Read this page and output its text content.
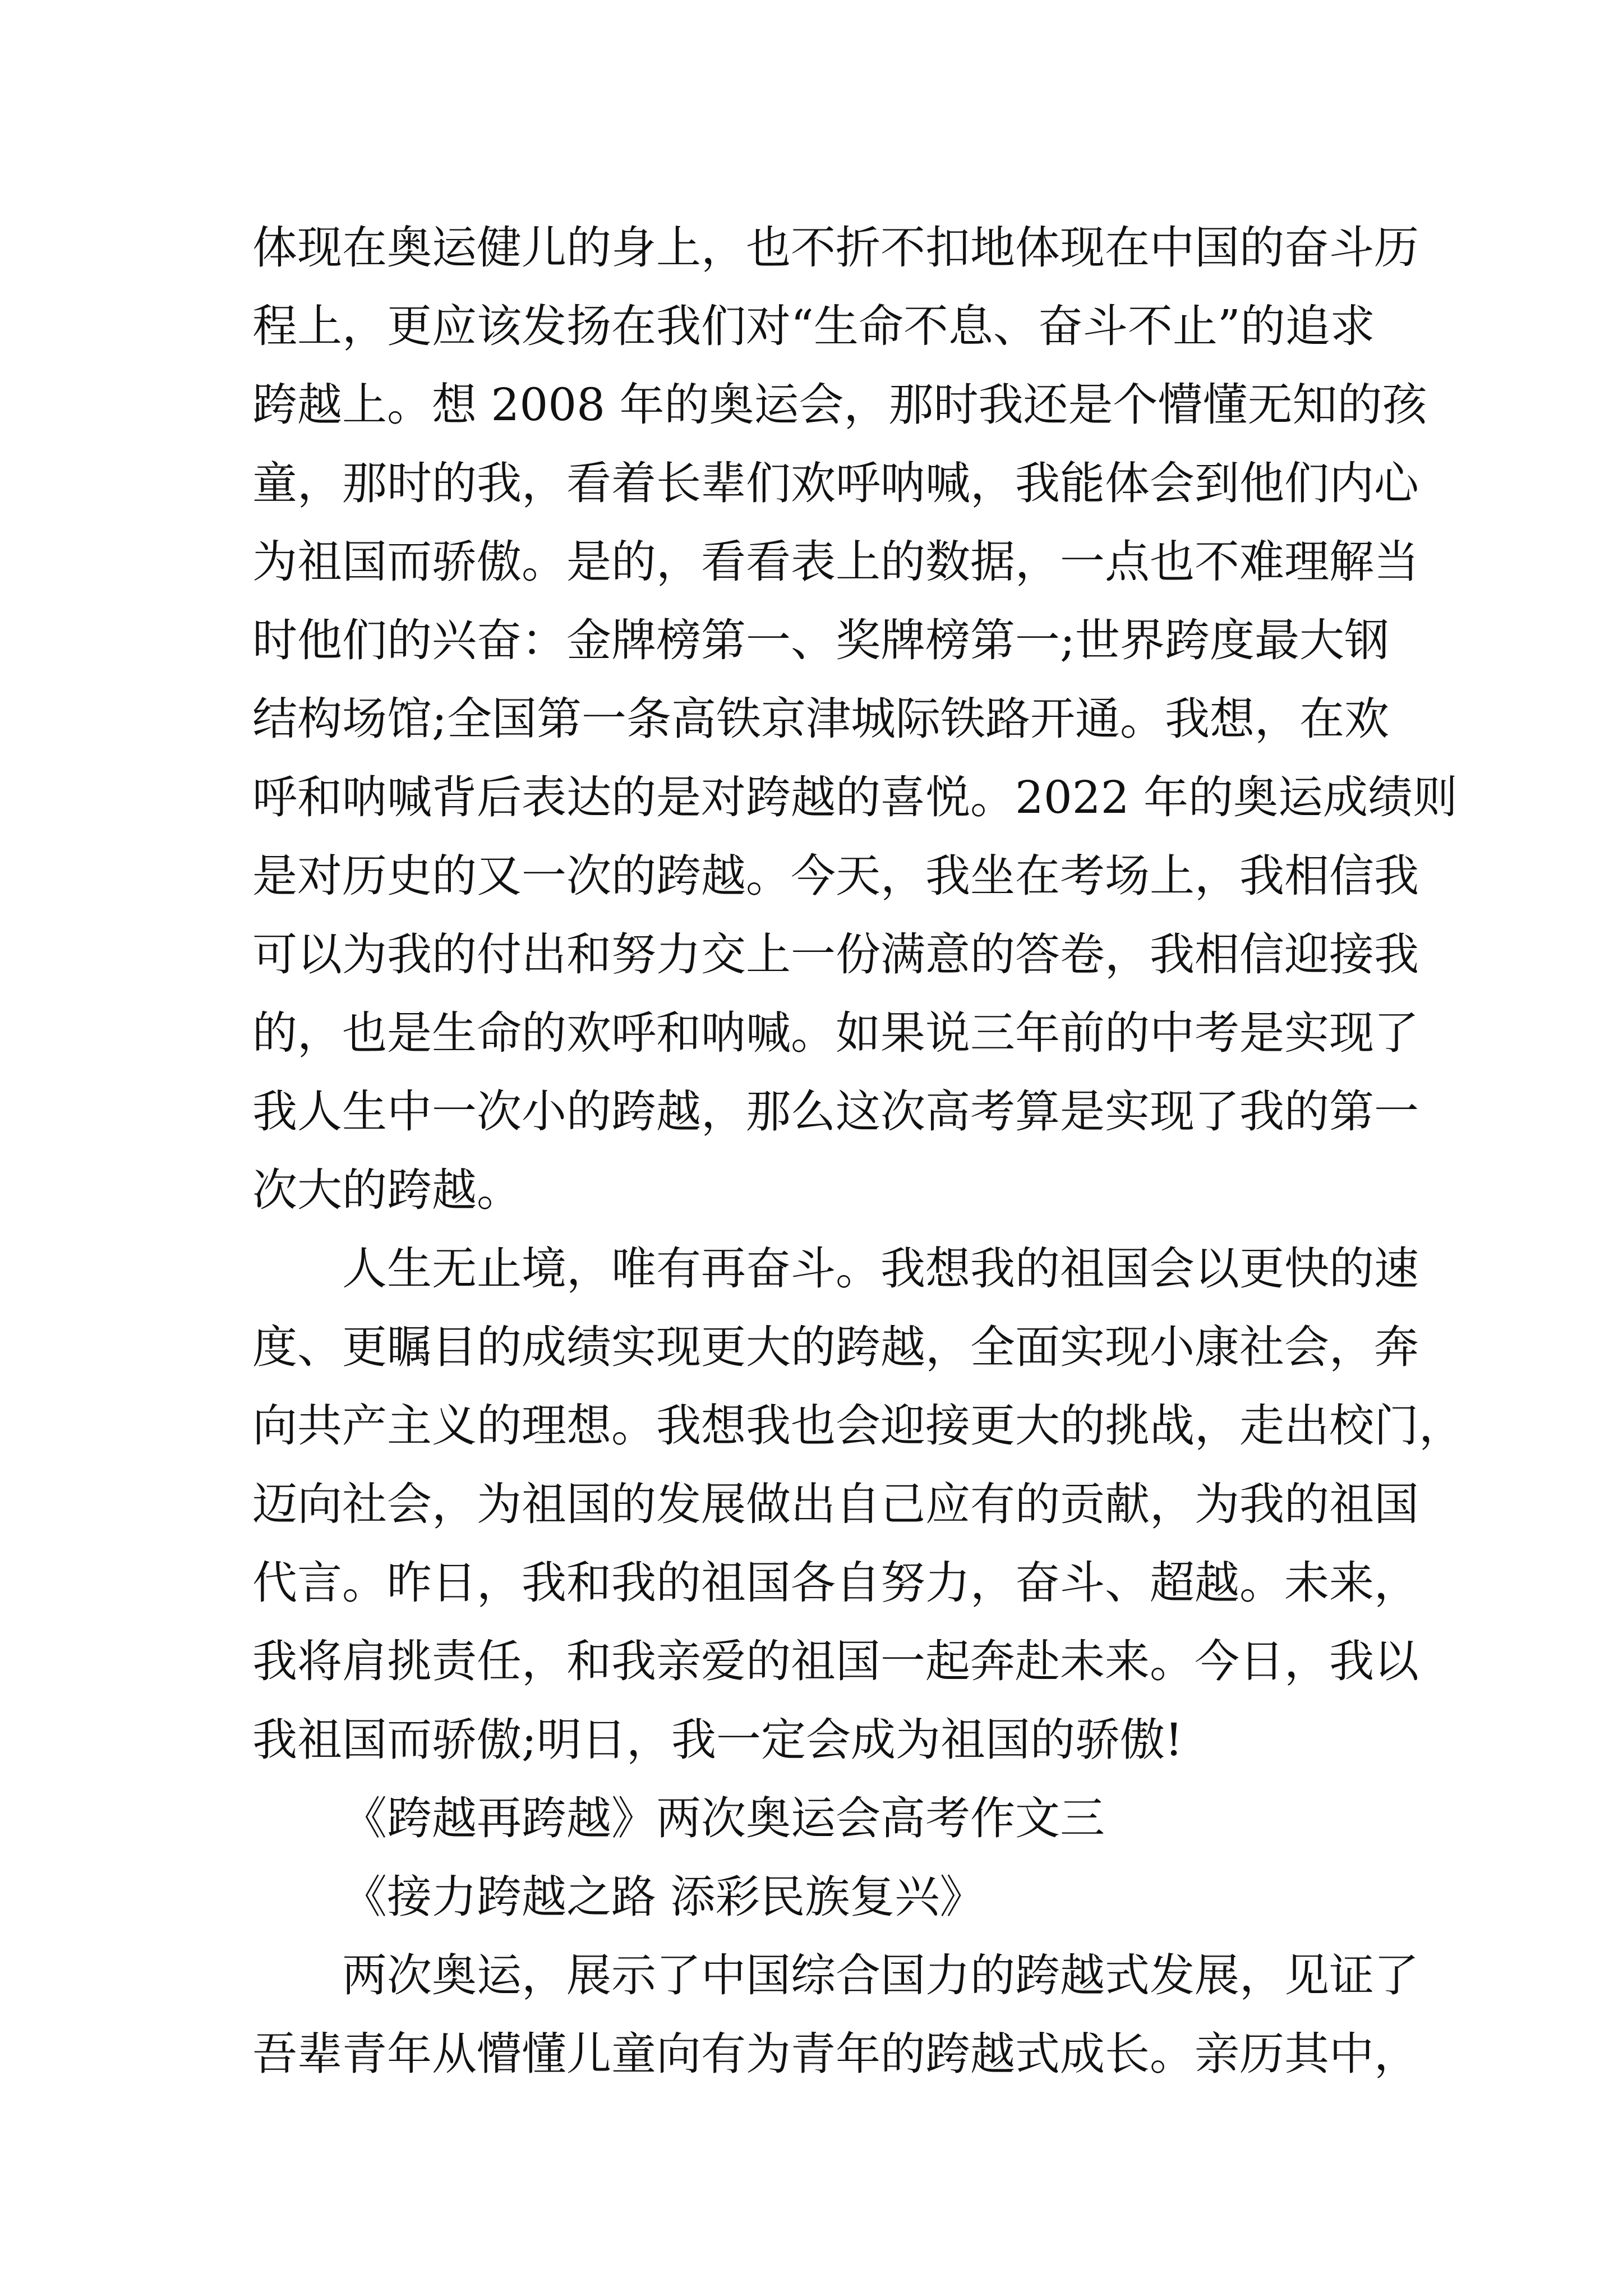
体现在奥运健儿的身上，也不折不扣地体现在中国的奋斗历
程上，更应该发扬在我们对“生命不息、奋斗不止”的追求
跨越上。想 2008 年的奥运会，那时我还是个懵懂无知的孩
童，那时的我，看着长辈们欢呼呐喊，我能体会到他们内心
为祖国而骄傲。是的，看看表上的数据，一点也不难理解当
时他们的兴奋：金牌榜第一、奖牌榜第一;世界跨度最大钢
结构场馆;全国第一条高铁京津城际铁路开通。我想，在欢
呼和呐喊背后表达的是对跨越的喜悦。2022 年的奥运成绩则
是对历史的又一次的跨越。今天，我坐在考场上，我相信我
可以为我的付出和努力交上一份满意的答卷，我相信迎接我
的，也是生命的欢呼和呐喊。如果说三年前的中考是实现了
我人生中一次小的跨越，那么这次高考算是实现了我的第一
次大的跨越。
人生无止境，唯有再奋斗。我想我的祖国会以更快的速
度、更瞩目的成绩实现更大的跨越，全面实现小康社会，奔
向共产主义的理想。我想我也会迎接更大的挑战，走出校门，
迈向社会，为祖国的发展做出自己应有的贡献，为我的祖国
代言。昨日，我和我的祖国各自努力，奋斗、超越。未来，
我将肩挑责任，和我亲爱的祖国一起奔赴未来。今日，我以
我祖国而骄傲;明日，我一定会成为祖国的骄傲!
《跨越再跨越》两次奥运会高考作文三
《接力跨越之路 添彩民族复兴》
两次奥运，展示了中国综合国力的跨越式发展，见证了
吾辈青年从懵懂儿童向有为青年的跨越式成长。亲历其中，
